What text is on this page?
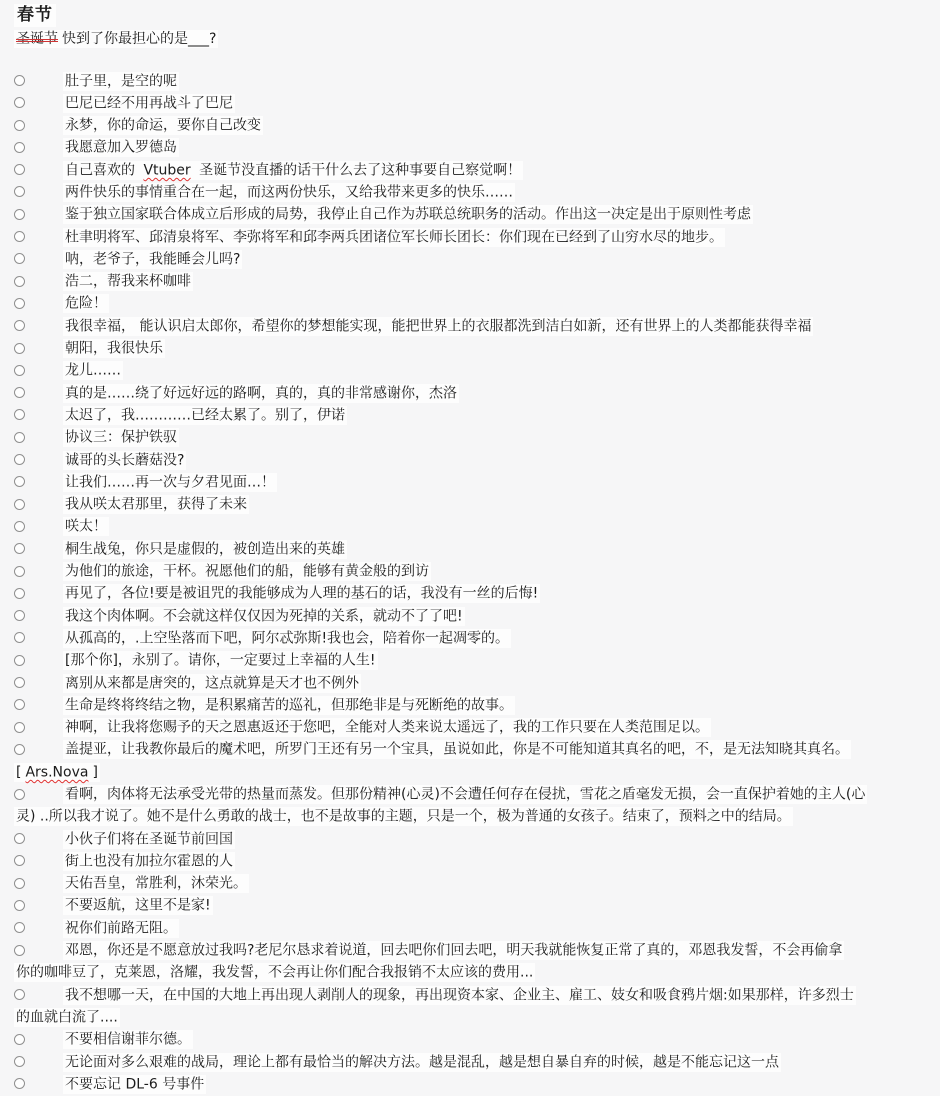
春节
圣诞节 快到了你最担心的是___?
肚子里，是空的呢
巴尼已经不用再战斗了巴尼
永梦，你的命运，要你自己改变
我愿意加入罗德岛
自己喜欢的 Vtuber 圣诞节没直播的话干什么去了这种事要自己察觉啊！
两件快乐的事情重合在一起，而这两份快乐，又给我带来更多的快乐……
鉴于独立国家联合体成立后形成的局势，我停止自己作为苏联总统职务的活动。作出这一决定是出于原则性考虑
杜聿明将军、邱清泉将军、李弥将军和邱李两兵团诸位军长师长团长：你们现在已经到了山穷水尽的地步。
呐，老爷子，我能睡会儿吗?
浩二，帮我来杯咖啡
危险！
我很幸福， 能认识启太郎你，希望你的梦想能实现，能把世界上的衣服都洗到洁白如新，还有世界上的人类都能获得幸福
朝阳，我很快乐
龙儿……
真的是……绕了好远好远的路啊，真的，真的非常感谢你，杰洛
太迟了，我…………已经太累了。别了，伊诺
协议三：保护铁驭
诚哥的头长蘑菇没?
让我们……再一次与夕君见面…！
我从咲太君那里，获得了未来
咲太！
桐生战兔，你只是虚假的，被创造出来的英雄
为他们的旅途，干杯。祝愿他们的船，能够有黄金般的到访
再见了，各位!要是被诅咒的我能够成为人理的基石的话，我没有一丝的后悔!
我这个肉体啊。不会就这样仅仅因为死掉的关系，就动不了了吧!
从孤高的，.上空坠落而下吧，阿尔忒弥斯!我也会，陪着你一起凋零的。
[那个你]，永别了。请你，一定要过上幸福的人生!
离别从来都是唐突的，这点就算是天才也不例外
生命是终将终结之物，是积累痛苦的巡礼，但那绝非是与死断绝的故事。
神啊，让我将您赐予的天之恩惠返还于您吧，全能对人类来说太遥远了，我的工作只要在人类范围足以。
盖提亚，让我教你最后的魔术吧，所罗门王还有另一个宝具，虽说如此，你是不可能知道其真名的吧，不，是无法知晓其真名。
[ Ars.Nova ]
看啊，肉体将无法承受光带的热量而蒸发。但那份精神(心灵)不会遭任何存在侵扰，雪花之盾毫发无损，会一直保护着她的主人(心
灵) ..所以我才说了。她不是什么勇敢的战士，也不是故事的主题，只是一个，极为普通的女孩子。结束了，预料之中的结局。
小伙子们将在圣诞节前回国
街上也没有加拉尔霍恩的人
天佑吾皇，常胜利，沐荣光。
不要返航，这里不是家!
祝你们前路无阻。
邓恩，你还是不愿意放过我吗?老尼尔恳求着说道，回去吧你们回去吧，明天我就能恢复正常了真的，邓恩我发誓，不会再偷拿
你的咖啡豆了，克莱恩，洛耀，我发誓，不会再让你们配合我报销不太应该的费用...
我不想哪一天，在中国的大地上再出现人剥削人的现象，再出现资本家、企业主、雇工、妓女和吸食鸦片烟:如果那样，许多烈士
的血就白流了....
不要相信谢菲尔德。
无论面对多么艰难的战局，理论上都有最恰当的解决方法。越是混乱，越是想自暴自弃的时候，越是不能忘记这一点
不要忘记 DL-6 号事件
